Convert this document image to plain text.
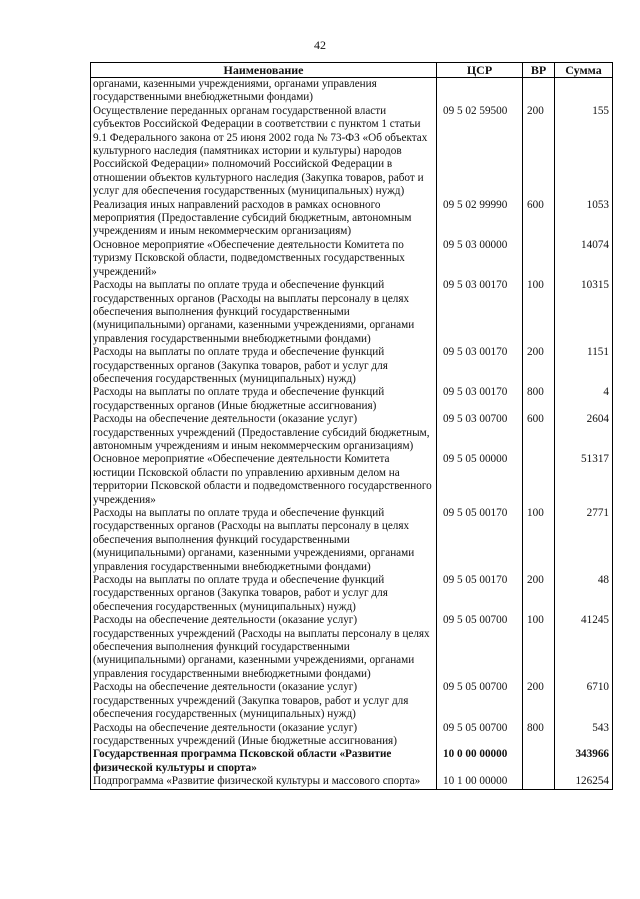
42
Наименование	ЦСР	ВР	Сумма
органами, казенными учреждениями, органами управления государственными внебюджетными фондами)			
Осуществление переданных органам государственной власти субъектов Российской Федерации в соответствии с пунктом 1 статьи 9.1 Федерального закона от 25 июня 2002 года № 73-ФЗ «Об объектах культурного наследия (памятниках истории и культуры) народов Российской Федерации» полномочий Российской Федерации в отношении объектов культурного наследия (Закупка товаров, работ и услуг для обеспечения государственных (муниципальных) нужд)	09 5 02 59500	200	155
Реализация иных направлений расходов в рамках основного мероприятия (Предоставление субсидий бюджетным, автономным учреждениям и иным некоммерческим организациям)	09 5 02 99990	600	1053
Основное мероприятие «Обеспечение деятельности Комитета по туризму Псковской области, подведомственных государственных учреждений»	09 5 03 00000		14074
Расходы на выплаты по оплате труда и обеспечение функций государственных органов (Расходы на выплаты персоналу в целях обеспечения выполнения функций государственными (муниципальными) органами, казенными учреждениями, органами управления государственными внебюджетными фондами)	09 5 03 00170	100	10315
Расходы на выплаты по оплате труда и обеспечение функций государственных органов (Закупка товаров, работ и услуг для обеспечения государственных (муниципальных) нужд)	09 5 03 00170	200	1151
Расходы на выплаты по оплате труда и обеспечение функций государственных органов (Иные бюджетные ассигнования)	09 5 03 00170	800	4
Расходы на обеспечение деятельности (оказание услуг) государственных учреждений (Предоставление субсидий бюджетным, автономным учреждениям и иным некоммерческим организациям)	09 5 03 00700	600	2604
Основное мероприятие «Обеспечение деятельности Комитета юстиции Псковской области по управлению архивным делом на территории Псковской области и подведомственного государственного учреждения»	09 5 05 00000		51317
Расходы на выплаты по оплате труда и обеспечение функций государственных органов (Расходы на выплаты персоналу в целях обеспечения выполнения функций государственными (муниципальными) органами, казенными учреждениями, органами управления государственными внебюджетными фондами)	09 5 05 00170	100	2771
Расходы на выплаты по оплате труда и обеспечение функций государственных органов (Закупка товаров, работ и услуг для обеспечения государственных (муниципальных) нужд)	09 5 05 00170	200	48
Расходы на обеспечение деятельности (оказание услуг) государственных учреждений (Расходы на выплаты персоналу в целях обеспечения выполнения функций государственными (муниципальными) органами, казенными учреждениями, органами управления государственными внебюджетными фондами)	09 5 05 00700	100	41245
Расходы на обеспечение деятельности (оказание услуг) государственных учреждений (Закупка товаров, работ и услуг для обеспечения государственных (муниципальных) нужд)	09 5 05 00700	200	6710
Расходы на обеспечение деятельности (оказание услуг) государственных учреждений (Иные бюджетные ассигнования)	09 5 05 00700	800	543
Государственная программа Псковской области «Развитие физической культуры и спорта»	10 0 00 00000		343966
Подпрограмма «Развитие физической культуры и массового спорта»	10 1 00 00000		126254
